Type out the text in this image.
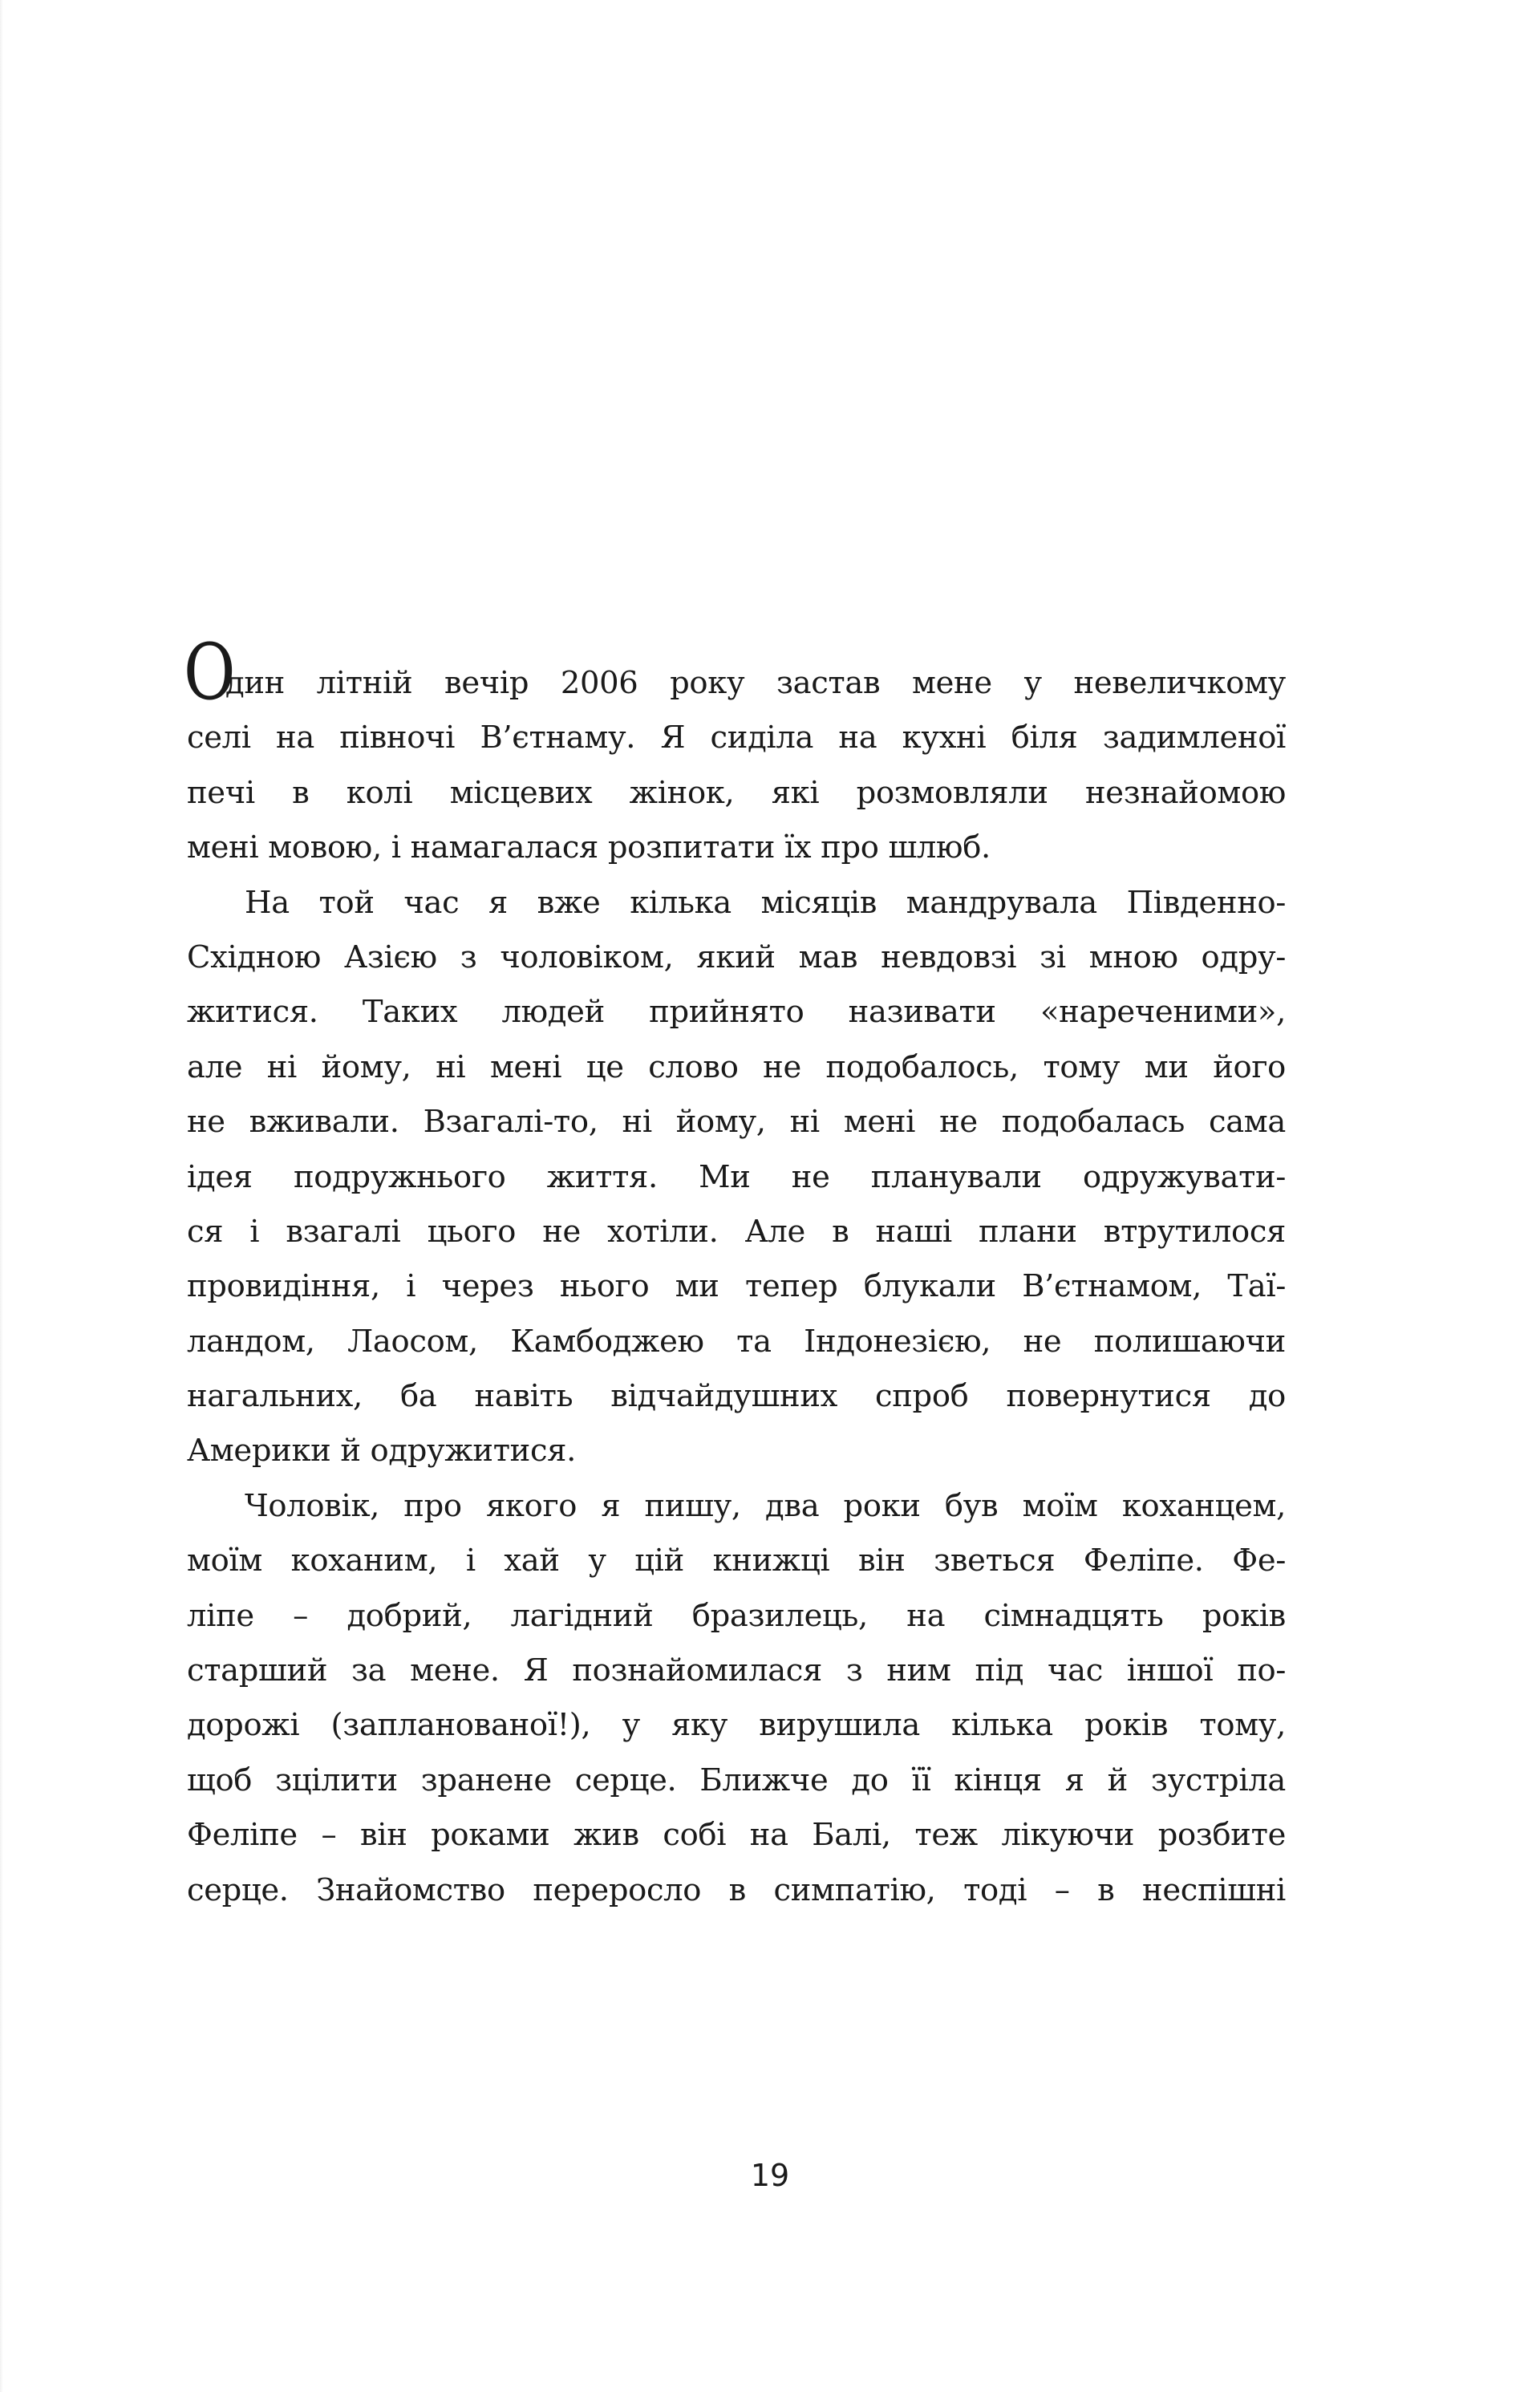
О
дин літній вечір 2006 року застав мене у невеличкому
селі на півночі В’єтнаму. Я сиділа на кухні біля задимленої
печі в колі місцевих жінок, які розмовляли незнайомою
мені мовою, і намагалася розпитати їх про шлюб.
На той час я вже кілька місяців мандрувала Південно-
Східною Азією з чоловіком, який мав невдовзі зі мною одру-
житися. Таких людей прийнято називати «нареченими»,
але ні йому, ні мені це слово не подобалось, тому ми його
не вживали. Взагалі-то, ні йому, ні мені не подобалась сама
ідея подружнього життя. Ми не планували одружувати-
ся і взагалі цього не хотіли. Але в наші плани втрутилося
провидіння, і через нього ми тепер блукали В’єтнамом, Таї-
ландом, Лаосом, Камбоджею та Індонезією, не полишаючи
нагальних, ба навіть відчайдушних спроб повернутися до
Америки й одружитися.
Чоловік, про якого я пишу, два роки був моїм коханцем,
моїм коханим, і хай у цій книжці він зветься Феліпе. Фе-
ліпе – добрий, лагідний бразилець, на сімнадцять років
старший за мене. Я познайомилася з ним під час іншої по-
дорожі (запланованої!), у яку вирушила кілька років тому,
щоб зцілити зранене серце. Ближче до її кінця я й зустріла
Феліпе – він роками жив собі на Балі, теж лікуючи розбите
серце. Знайомство переросло в симпатію, тоді – в неспішні
19
